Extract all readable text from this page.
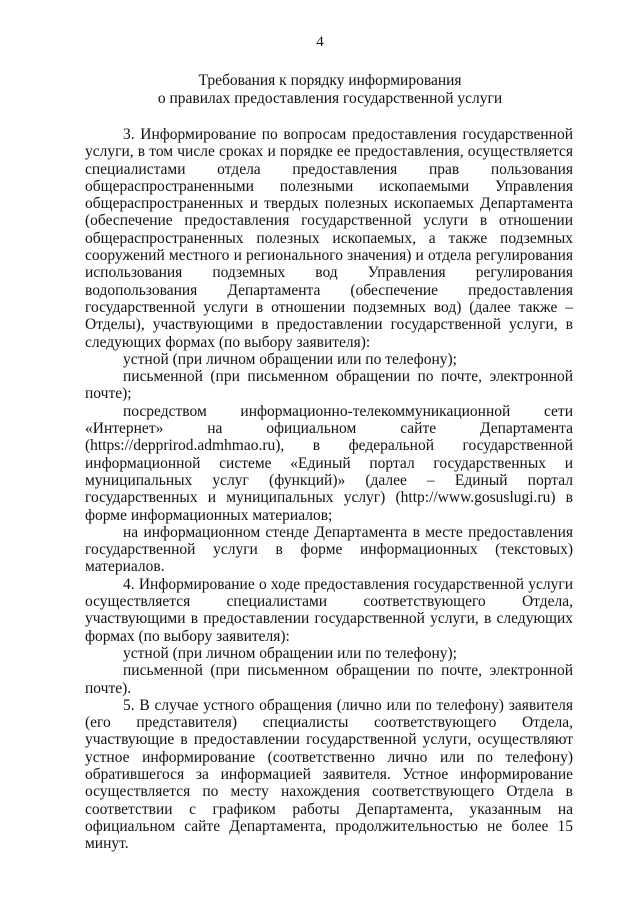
4
Требования к порядку информирования
о правилах предоставления государственной услуги

3. Информирование по вопросам предоставления государственной услуги, в том числе сроках и порядке ее предоставления, осуществляется специалистами отдела предоставления прав пользования общераспространенными полезными ископаемыми Управления общераспространенных и твердых полезных ископаемых Департамента (обеспечение предоставления государственной услуги в отношении общераспространенных полезных ископаемых, а также подземных сооружений местного и регионального значения) и отдела регулирования использования подземных вод Управления регулирования водопользования Департамента (обеспечение предоставления государственной услуги в отношении подземных вод) (далее также – Отделы), участвующими в предоставлении государственной услуги, в следующих формах (по выбору заявителя):

устной (при личном обращении или по телефону);

письменной (при письменном обращении по почте, электронной почте);

посредством информационно-телекоммуникационной сети «Интернет» на официальном сайте Департамента (https://depprirod.admhmao.ru), в федеральной государственной информационной системе «Единый портал государственных и муниципальных услуг (функций)» (далее – Единый портал государственных и муниципальных услуг) (http://www.gosuslugi.ru) в форме информационных материалов;

на информационном стенде Департамента в месте предоставления государственной услуги в форме информационных (текстовых) материалов.

4. Информирование о ходе предоставления государственной услуги осуществляется специалистами соответствующего Отдела, участвующими в предоставлении государственной услуги, в следующих формах (по выбору заявителя):

устной (при личном обращении или по телефону);

письменной (при письменном обращении по почте, электронной почте).

5. В случае устного обращения (лично или по телефону) заявителя (его представителя) специалисты соответствующего Отдела, участвующие в предоставлении государственной услуги, осуществляют устное информирование (соответственно лично или по телефону) обратившегося за информацией заявителя. Устное информирование осуществляется по месту нахождения соответствующего Отдела в соответствии с графиком работы Департамента, указанным на официальном сайте Департамента, продолжительностью не более 15 минут.
